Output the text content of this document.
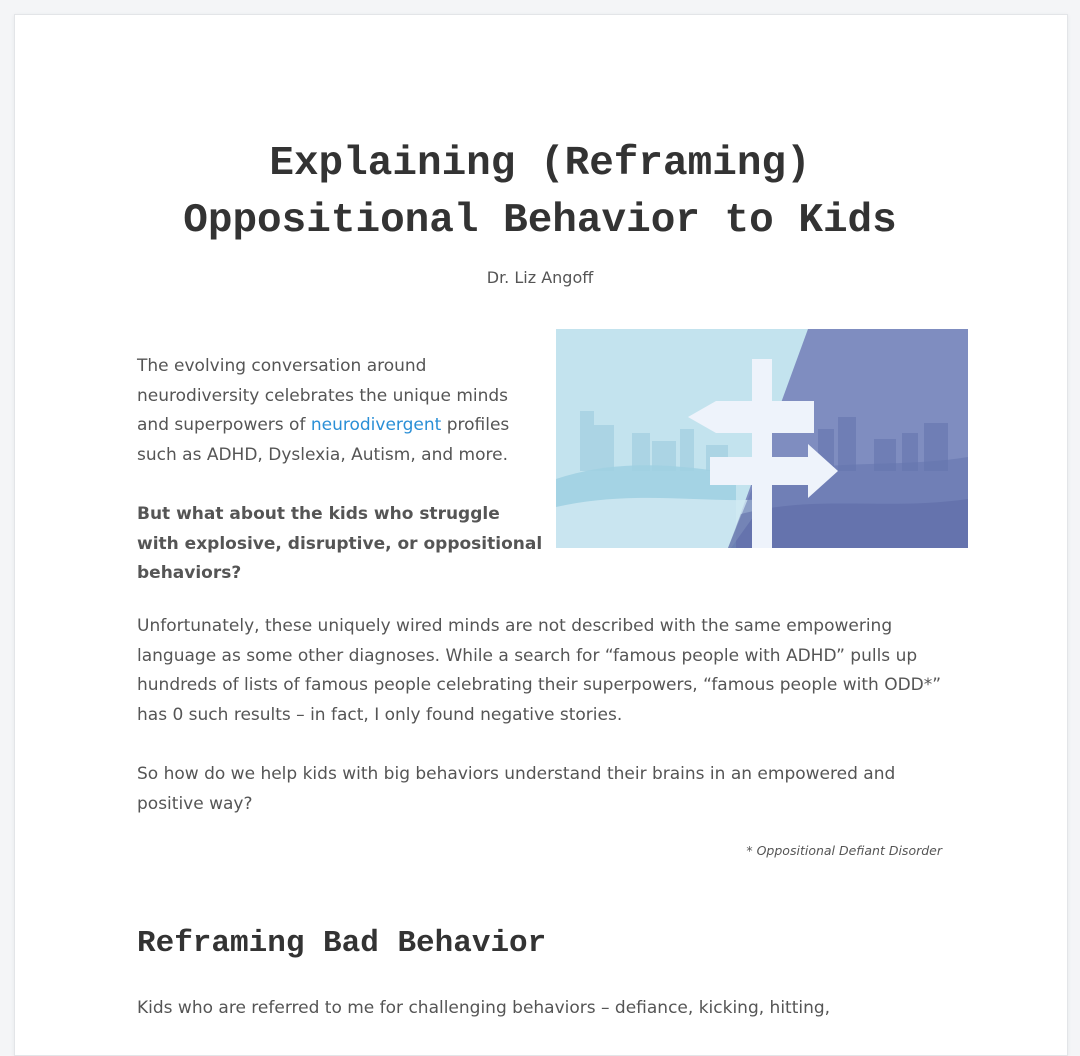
Explaining (Reframing)
Oppositional Behavior to Kids
Dr. Liz Angoff

The evolving conversation around neurodiversity celebrates the unique minds and superpowers of neurodivergent profiles such as ADHD, Dyslexia, Autism, and more.

But what about the kids who struggle with explosive, disruptive, or oppositional behaviors?

Unfortunately, these uniquely wired minds are not described with the same empowering language as some other diagnoses. While a search for “famous people with ADHD” pulls up hundreds of lists of famous people celebrating their superpowers, “famous people with ODD*” has 0 such results – in fact, I only found negative stories.

So how do we help kids with big behaviors understand their brains in an empowered and positive way?

* Oppositional Defiant Disorder
Reframing Bad Behavior

Kids who are referred to me for challenging behaviors – defiance, kicking, hitting,
